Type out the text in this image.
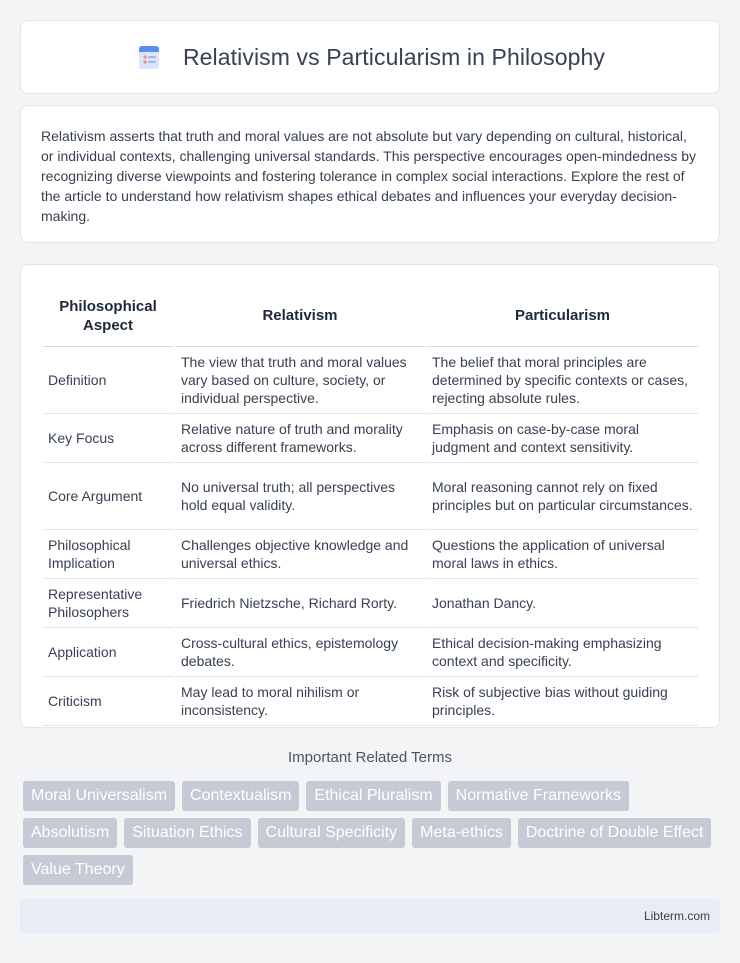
Relativism vs Particularism in Philosophy

Relativism asserts that truth and moral values are not absolute but vary depending on cultural, historical, or individual contexts, challenging universal standards. This perspective encourages open-mindedness by recognizing diverse viewpoints and fostering tolerance in complex social interactions. Explore the rest of the article to understand how relativism shapes ethical debates and influences your everyday decision-making.

Philosophical Aspect	Relativism	Particularism
Definition	The view that truth and moral values vary based on culture, society, or individual perspective.	The belief that moral principles are determined by specific contexts or cases, rejecting absolute rules.
Key Focus	Relative nature of truth and morality across different frameworks.	Emphasis on case-by-case moral judgment and context sensitivity.
Core Argument	No universal truth; all perspectives hold equal validity.	Moral reasoning cannot rely on fixed principles but on particular circumstances.
Philosophical Implication	Challenges objective knowledge and universal ethics.	Questions the application of universal moral laws in ethics.
Representative Philosophers	Friedrich Nietzsche, Richard Rorty.	Jonathan Dancy.
Application	Cross-cultural ethics, epistemology debates.	Ethical decision-making emphasizing context and specificity.
Criticism	May lead to moral nihilism or inconsistency.	Risk of subjective bias without guiding principles.
Important Related Terms
Moral Universalism	Contextualism	Ethical Pluralism	Normative Frameworks
Absolutism	Situation Ethics	Cultural Specificity	Meta-ethics	Doctrine of Double Effect
Value Theory
Libterm.com
